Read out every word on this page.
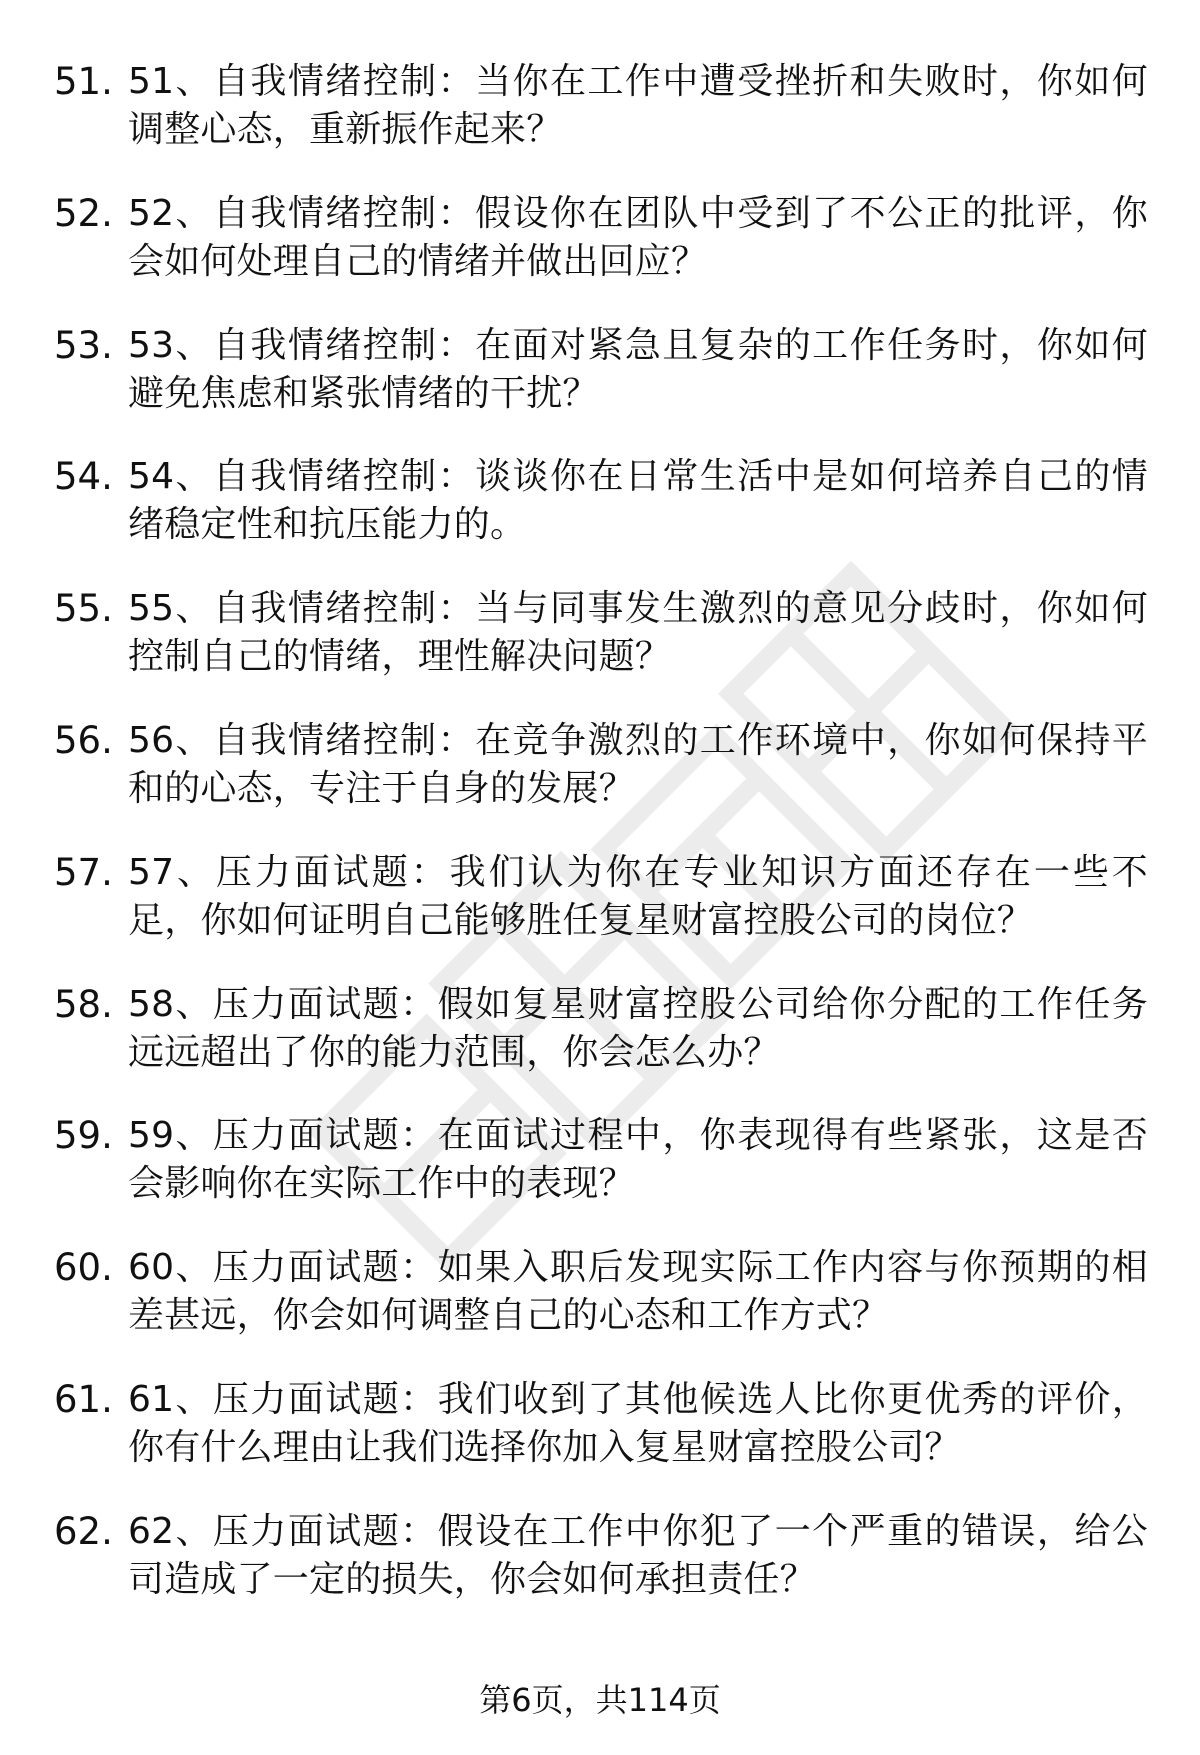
51. 51、自我情绪控制：当你在工作中遭受挫折和失败时，你如何调整心态，重新振作起来？
52. 52、自我情绪控制：假设你在团队中受到了不公正的批评，你会如何处理自己的情绪并做出回应？
53. 53、自我情绪控制：在面对紧急且复杂的工作任务时，你如何避免焦虑和紧张情绪的干扰？
54. 54、自我情绪控制：谈谈你在日常生活中是如何培养自己的情绪稳定性和抗压能力的。
55. 55、自我情绪控制：当与同事发生激烈的意见分歧时，你如何控制自己的情绪，理性解决问题？
56. 56、自我情绪控制：在竞争激烈的工作环境中，你如何保持平和的心态，专注于自身的发展？
57. 57、压力面试题：我们认为你在专业知识方面还存在一些不足，你如何证明自己能够胜任复星财富控股公司的岗位？
58. 58、压力面试题：假如复星财富控股公司给你分配的工作任务远远超出了你的能力范围，你会怎么办？
59. 59、压力面试题：在面试过程中，你表现得有些紧张，这是否会影响你在实际工作中的表现？
60. 60、压力面试题：如果入职后发现实际工作内容与你预期的相差甚远，你会如何调整自己的心态和工作方式？
61. 61、压力面试题：我们收到了其他候选人比你更优秀的评价，你有什么理由让我们选择你加入复星财富控股公司？
62. 62、压力面试题：假设在工作中你犯了一个严重的错误，给公司造成了一定的损失，你会如何承担责任？
第6页，共114页
